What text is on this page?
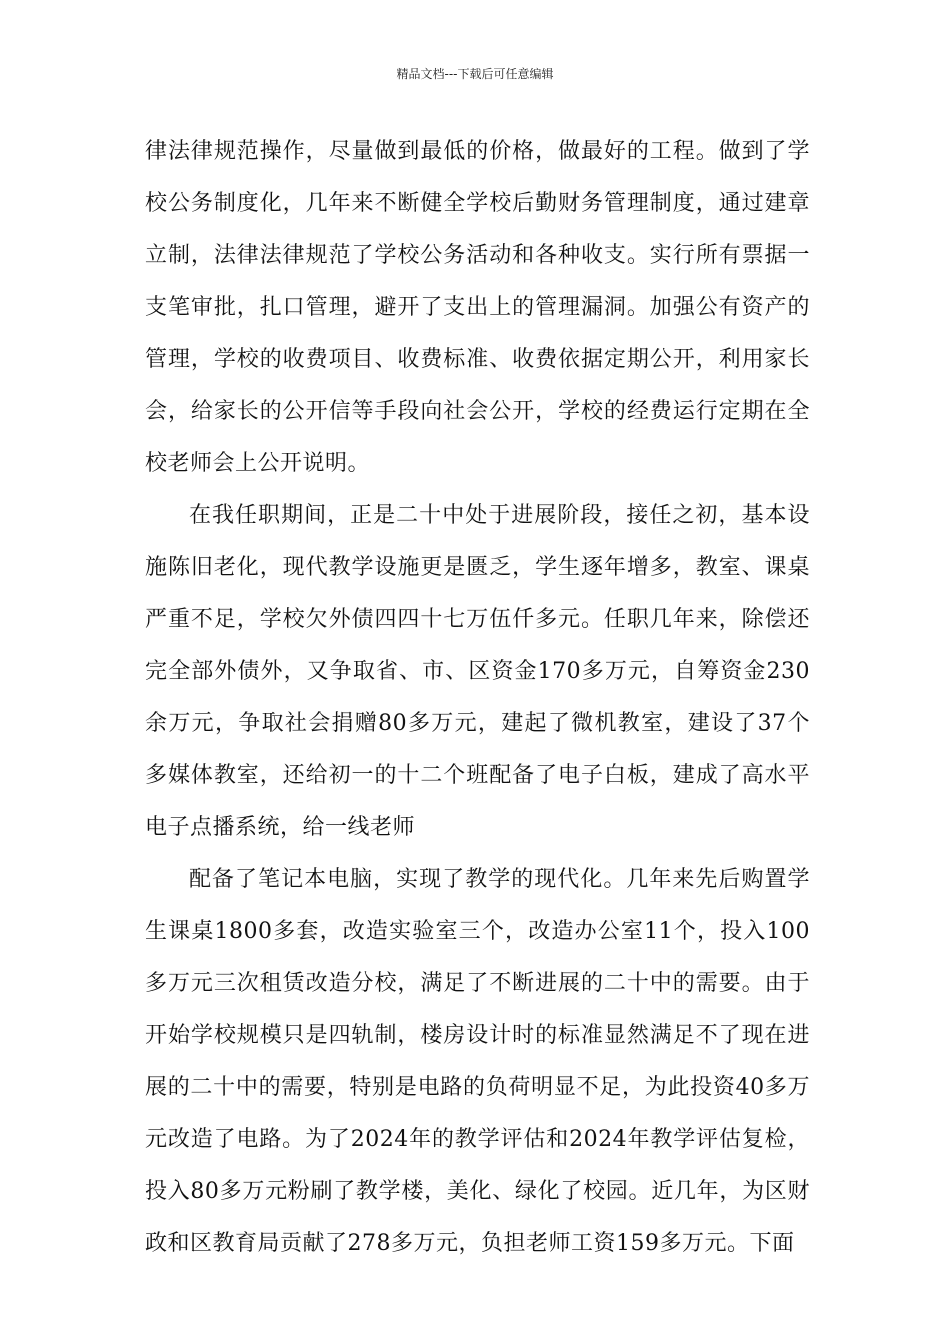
精品文档---下载后可任意编辑

律法律规范操作，尽量做到最低的价格，做最好的工程。做到了学校公务制度化，几年来不断健全学校后勤财务管理制度，通过建章立制，法律法律规范了学校公务活动和各种收支。实行所有票据一支笔审批，扎口管理，避开了支出上的管理漏洞。加强公有资产的管理，学校的收费项目、收费标准、收费依据定期公开，利用家长会，给家长的公开信等手段向社会公开，学校的经费运行定期在全校老师会上公开说明。

在我任职期间，正是二十中处于进展阶段，接任之初，基本设施陈旧老化，现代教学设施更是匮乏，学生逐年增多，教室、课桌严重不足，学校欠外债四四十七万伍仟多元。任职几年来，除偿还完全部外债外，又争取省、市、区资金170多万元，自筹资金230余万元，争取社会捐赠80多万元，建起了微机教室，建设了37个多媒体教室，还给初一的十二个班配备了电子白板，建成了高水平电子点播系统，给一线老师

配备了笔记本电脑，实现了教学的现代化。几年来先后购置学生课桌1800多套，改造实验室三个，改造办公室11个，投入100多万元三次租赁改造分校，满足了不断进展的二十中的需要。由于开始学校规模只是四轨制，楼房设计时的标准显然满足不了现在进展的二十中的需要，特别是电路的负荷明显不足，为此投资40多万元改造了电路。为了2024年的教学评估和2024年教学评估复检，投入80多万元粉刷了教学楼，美化、绿化了校园。近几年，为区财政和区教育局贡献了278多万元，负担老师工资159多万元。下面
